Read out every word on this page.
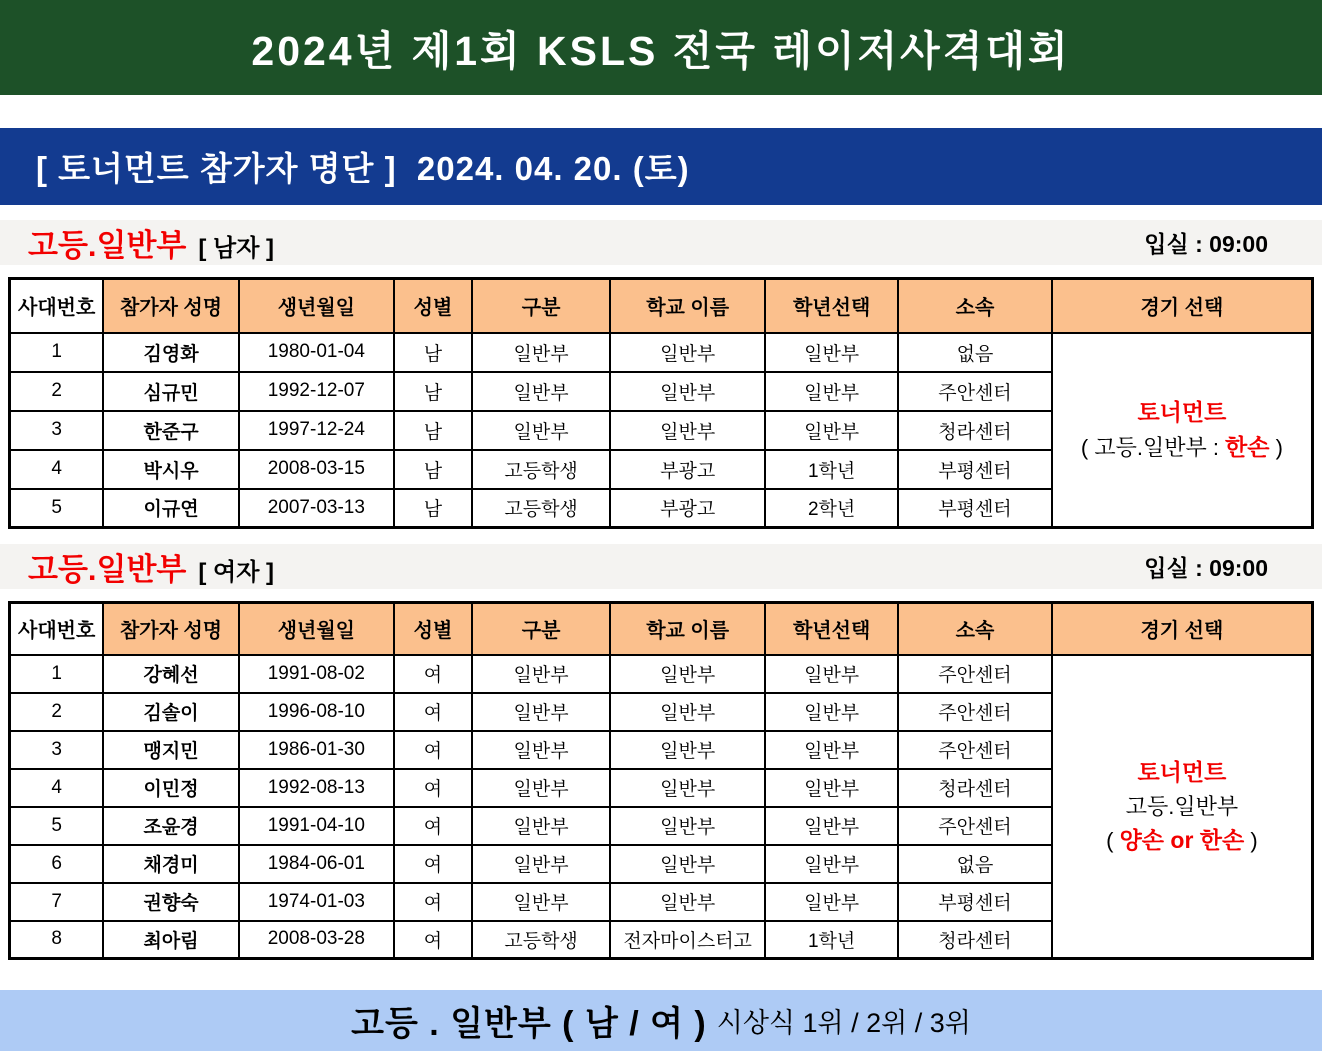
2024년 제1회 KSLS 전국 레이저사격대회
[ 토너먼트 참가자 명단 ]  2024. 04. 20. (토)
고등.일반부 [ 남자 ]	입실 : 09:00
사대번호	참가자 성명	생년월일	성별	구분	학교 이름	학년선택	소속	경기 선택
1	김영화	1980-01-04	남	일반부	일반부	일반부	없음	토너먼트
( 고등.일반부 : 한손 )

2	심규민	1992-12-07	남	일반부	일반부	일반부	주안센터	
3	한준구	1997-12-24	남	일반부	일반부	일반부	청라센터	
4	박시우	2008-03-15	남	고등학생	부광고	1학년	부평센터	
5	이규연	2007-03-13	남	고등학생	부광고	2학년	부평센터	
고등.일반부 [ 여자 ]	입실 : 09:00
사대번호	참가자 성명	생년월일	성별	구분	학교 이름	학년선택	소속	경기 선택
1	강혜선	1991-08-02	여	일반부	일반부	일반부	주안센터	토너먼트
고등.일반부
( 양손 or 한손 )

2	김솔이	1996-08-10	여	일반부	일반부	일반부	주안센터	
3	맹지민	1986-01-30	여	일반부	일반부	일반부	주안센터	
4	이민정	1992-08-13	여	일반부	일반부	일반부	청라센터	
5	조윤경	1991-04-10	여	일반부	일반부	일반부	주안센터	
6	채경미	1984-06-01	여	일반부	일반부	일반부	없음	
7	권향숙	1974-01-03	여	일반부	일반부	일반부	부평센터	
8	최아림	2008-03-28	여	고등학생	전자마이스터고	1학년	청라센터	
고등 . 일반부 ( 남 / 여 ) 시상식 1위 / 2위 / 3위
